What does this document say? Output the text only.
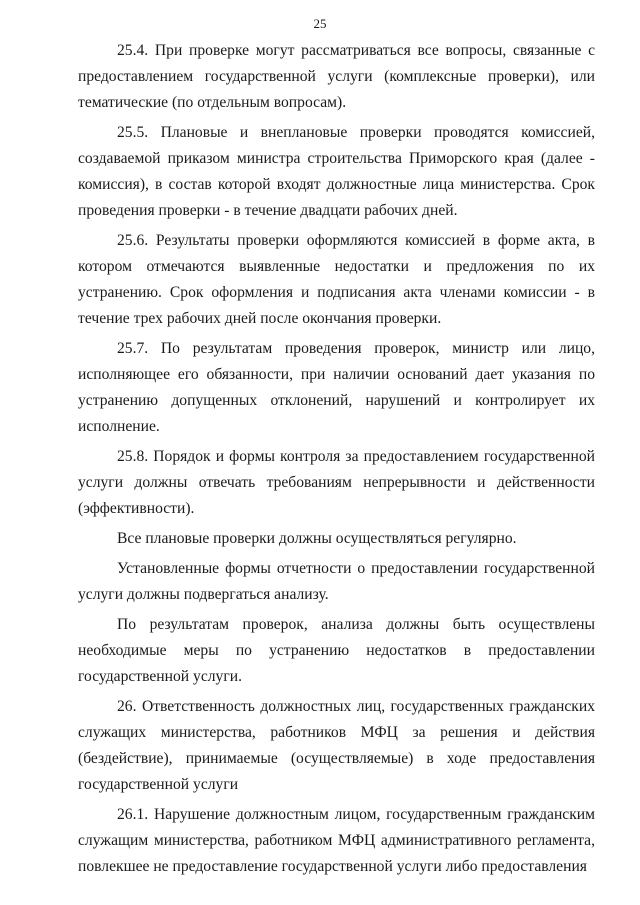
25

25.4. При проверке могут рассматриваться все вопросы, связанные с предоставлением государственной услуги (комплексные проверки), или тематические (по отдельным вопросам).

25.5. Плановые и внеплановые проверки проводятся комиссией, создаваемой приказом министра строительства Приморского края (далее - комиссия), в состав которой входят должностные лица министерства. Срок проведения проверки - в течение двадцати рабочих дней.

25.6. Результаты проверки оформляются комиссией в форме акта, в котором отмечаются выявленные недостатки и предложения по их устранению. Срок оформления и подписания акта членами комиссии - в течение трех рабочих дней после окончания проверки.

25.7. По результатам проведения проверок, министр или лицо, исполняющее его обязанности, при наличии оснований дает указания по устранению допущенных отклонений, нарушений и контролирует их исполнение.

25.8. Порядок и формы контроля за предоставлением государственной услуги должны отвечать требованиям непрерывности и действенности (эффективности).

Все плановые проверки должны осуществляться регулярно.

Установленные формы отчетности о предоставлении государственной услуги должны подвергаться анализу.

По результатам проверок, анализа должны быть осуществлены необходимые меры по устранению недостатков в предоставлении государственной услуги.

26. Ответственность должностных лиц, государственных гражданских служащих министерства, работников МФЦ за решения и действия (бездействие), принимаемые (осуществляемые) в ходе предоставления государственной услуги

26.1. Нарушение должностным лицом, государственным гражданским служащим министерства, работником МФЦ административного регламента, повлекшее не предоставление государственной услуги либо предоставления
